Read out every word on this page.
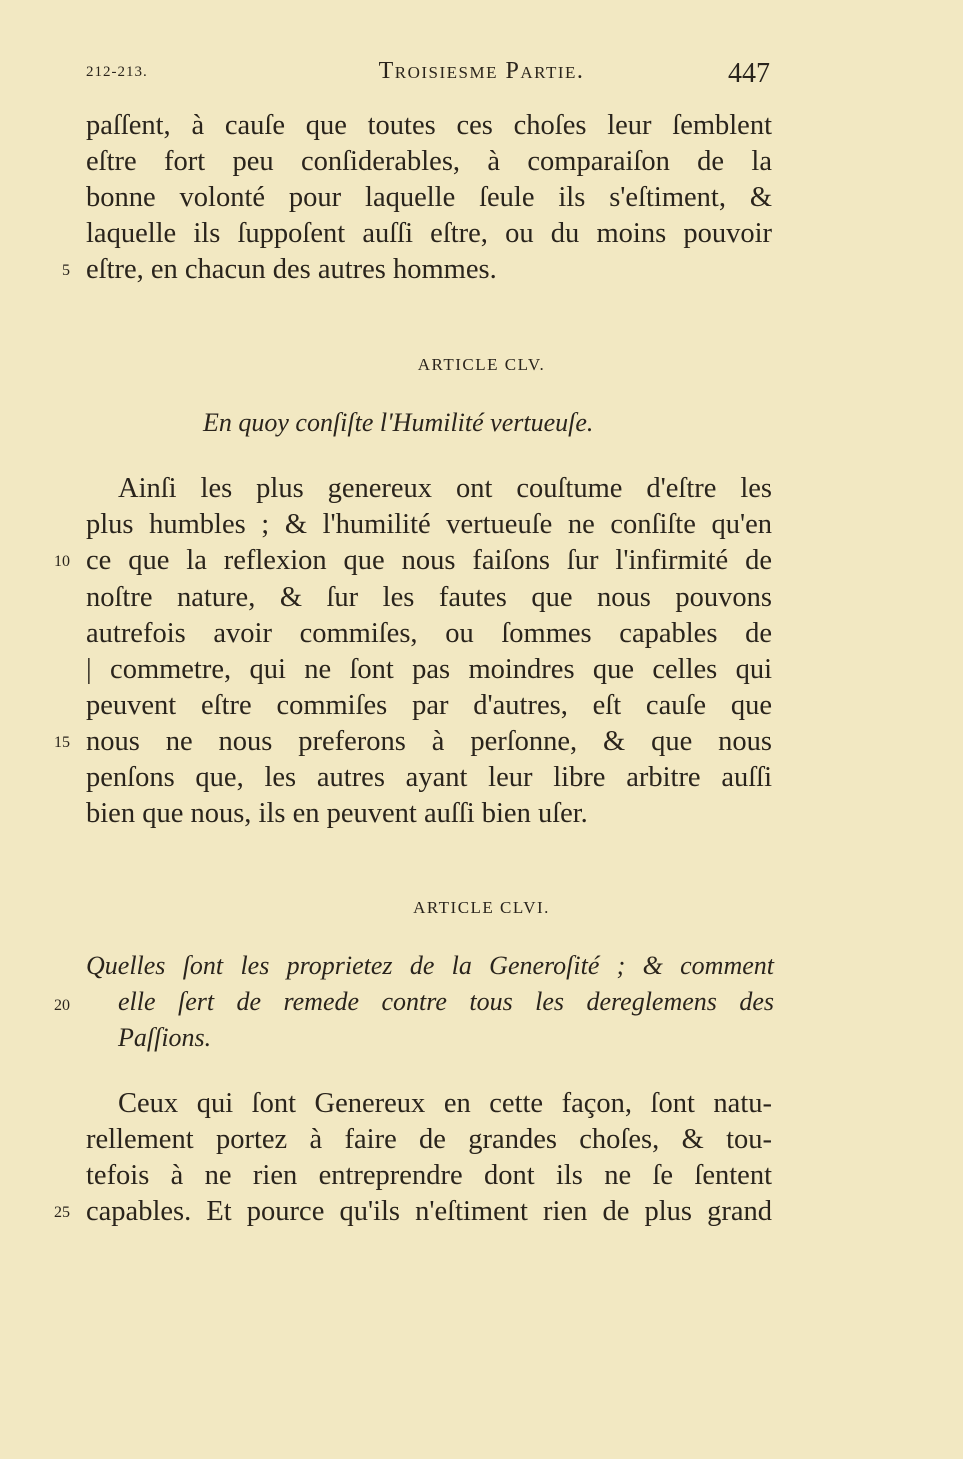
212-213.	Troisiesme Partie.	447
paſſent, à cauſe que toutes ces choſes leur ſemblent
eſtre fort peu conſiderables, à comparaiſon de la
bonne volonté pour laquelle ſeule ils s'eſtiment, &
laquelle ils ſuppoſent auſſi eſtre, ou du moins pouvoir
eſtre, en chacun des autres hommes.
5
ARTICLE CLV.
En quoy conſiſte l'Humilité vertueuſe.
Ainſi les plus genereux ont couſtume d'eſtre les
plus humbles ; & l'humilité vertueuſe ne conſiſte qu'en
ce que la reflexion que nous faiſons ſur l'infirmité de
10
noſtre nature, & ſur les fautes que nous pouvons
autrefois avoir commiſes, ou ſommes capables de
| commetre, qui ne ſont pas moindres que celles qui
peuvent eſtre commiſes par d'autres, eſt cauſe que
nous ne nous preferons à perſonne, & que nous
15
penſons que, les autres ayant leur libre arbitre auſſi
bien que nous, ils en peuvent auſſi bien uſer.
ARTICLE CLVI.
Quelles ſont les proprietez de la Generoſité ; & comment
elle ſert de remede contre tous les dereglemens des
20
Paſſions.
Ceux qui ſont Genereux en cette façon, ſont natu-
rellement portez à faire de grandes choſes, & tou-
tefois à ne rien entreprendre dont ils ne ſe ſentent
capables. Et pource qu'ils n'eſtiment rien de plus grand
25
